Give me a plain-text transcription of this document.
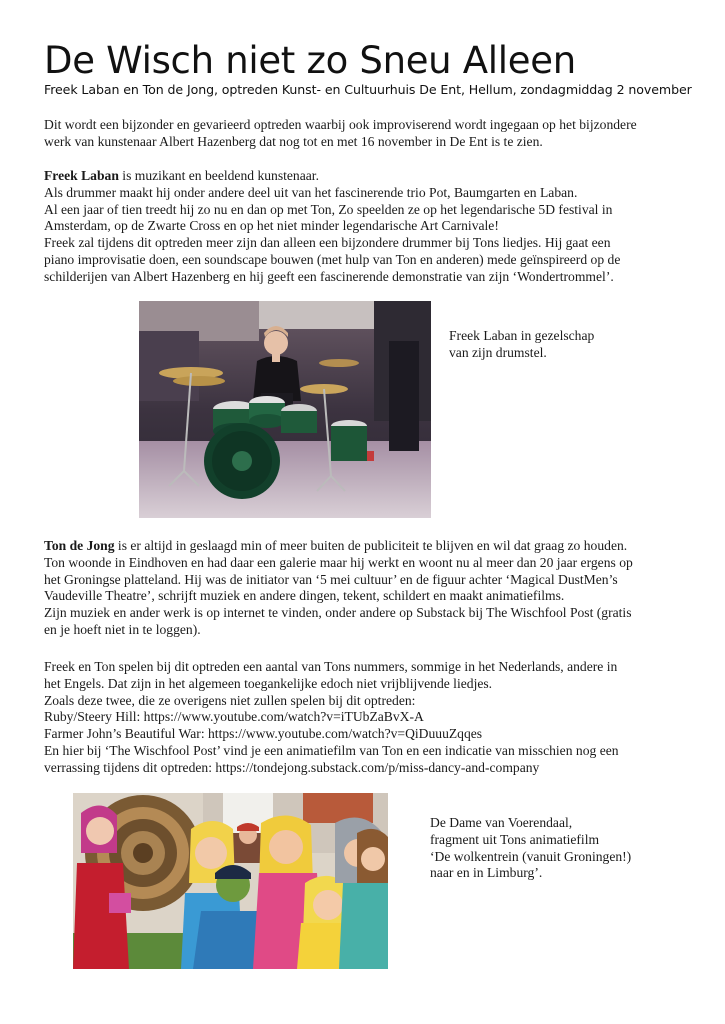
De Wisch niet zo Sneu Alleen
Freek Laban en Ton de Jong, optreden Kunst- en Cultuurhuis De Ent, Hellum, zondagmiddag 2 november
Dit wordt een bijzonder en gevarieerd optreden waarbij ook improviserend wordt ingegaan op het bijzondere
werk van kunstenaar Albert Hazenberg dat nog tot en met 16 november in De Ent is te zien.
Freek Laban is muzikant en beeldend kunstenaar.
Als drummer maakt hij onder andere deel uit van het fascinerende trio Pot, Baumgarten en Laban.
Al een jaar of tien treedt hij zo nu en dan op met Ton, Zo speelden ze op het legendarische 5D festival in
Amsterdam, op de Zwarte Cross en op het niet minder legendarische Art Carnivale!
Freek zal tijdens dit optreden meer zijn dan alleen een bijzondere drummer bij Tons liedjes. Hij gaat een
piano improvisatie doen, een soundscape bouwen (met hulp van Ton en anderen) mede geïnspireerd op de
schilderijen van Albert Hazenberg en hij geeft een fascinerende demonstratie van zijn ‘Wondertrommel’.
Freek Laban in gezelschap
van zijn drumstel.
Ton de Jong is er altijd in geslaagd min of meer buiten de publiciteit te blijven en wil dat graag zo houden.
Ton woonde in Eindhoven en had daar een galerie maar hij werkt en woont nu al meer dan 20 jaar ergens op
het Groningse platteland. Hij was de initiator van ‘5 mei cultuur’ en de figuur achter ‘Magical DustMen’s
Vaudeville Theatre’, schrijft muziek en andere dingen, tekent, schildert en maakt animatiefilms.
Zijn muziek en ander werk is op internet te vinden, onder andere op Substack bij The Wischfool Post (gratis
en je hoeft niet in te loggen).
Freek en Ton spelen bij dit optreden een aantal van Tons nummers, sommige in het Nederlands, andere in
het Engels. Dat zijn in het algemeen toegankelijke edoch niet vrijblijvende liedjes.
Zoals deze twee, die ze overigens niet zullen spelen bij dit optreden:
Ruby/Steery Hill: https://www.youtube.com/watch?v=iTUbZaBvX-A
Farmer John’s Beautiful War: https://www.youtube.com/watch?v=QiDuuuZqqes
En hier bij ‘The Wischfool Post’ vind je een animatiefilm van Ton en een indicatie van misschien nog een
verrassing tijdens dit optreden: https://tondejong.substack.com/p/miss-dancy-and-company
De Dame van Voerendaal,
fragment uit Tons animatiefilm
‘De wolkentrein (vanuit Groningen!)
naar en in Limburg’.
